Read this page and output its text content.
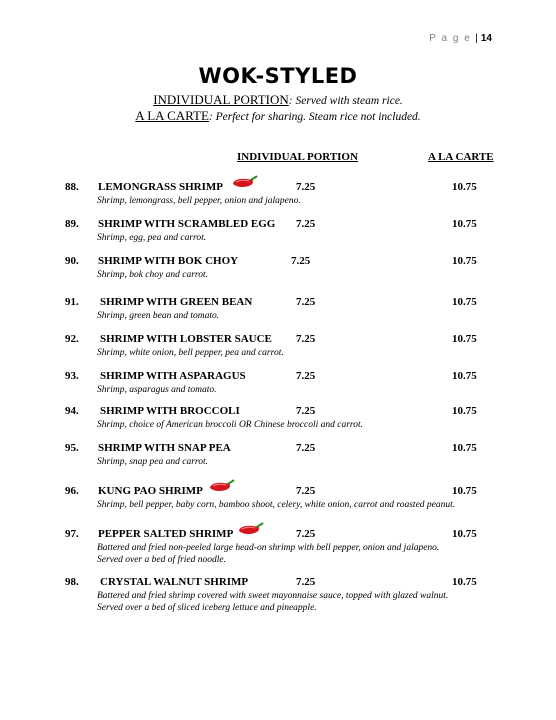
P a g e | 14
WOK-STYLED
INDIVIDUAL PORTION: Served with steam rice.
A LA CARTE: Perfect for sharing. Steam rice not included.
INDIVIDUAL PORTION	A LA CARTE
88. LEMONGRASS SHRIMP	7.25	10.75
Shrimp, lemongrass, bell pepper, onion and jalapeno.
89. SHRIMP WITH SCRAMBLED EGG 7.25	10.75
Shrimp, egg, pea and carrot.
90. SHRIMP WITH BOK CHOY	7.25	10.75
Shrimp, bok choy and carrot.
91. SHRIMP WITH GREEN BEAN	7.25	10.75
Shrimp, green bean and tomato.
92. SHRIMP WITH LOBSTER SAUCE 7.25	10.75
Shrimp, white onion, bell pepper, pea and carrot.
93. SHRIMP WITH ASPARAGUS	7.25	10.75
Shrimp, asparagus and tomato.
94. SHRIMP WITH BROCCOLI	7.25	10.75
Shrimp, choice of American broccoli OR Chinese broccoli and carrot.
95. SHRIMP WITH SNAP PEA	7.25	10.75
Shrimp, snap pea and carrot.
96. KUNG PAO SHRIMP	7.25	10.75
Shrimp, bell pepper, baby corn, bamboo shoot, celery, white onion, carrot and roasted peanut.
97. PEPPER SALTED SHRIMP	7.25	10.75
Battered and fried non-peeled large head-on shrimp with bell pepper, onion and jalapeno. Served over a bed of fried noodle.
98. CRYSTAL WALNUT SHRIMP	7.25	10.75
Battered and fried shrimp covered with sweet mayonnaise sauce, topped with glazed walnut. Served over a bed of sliced iceberg lettuce and pineapple.
